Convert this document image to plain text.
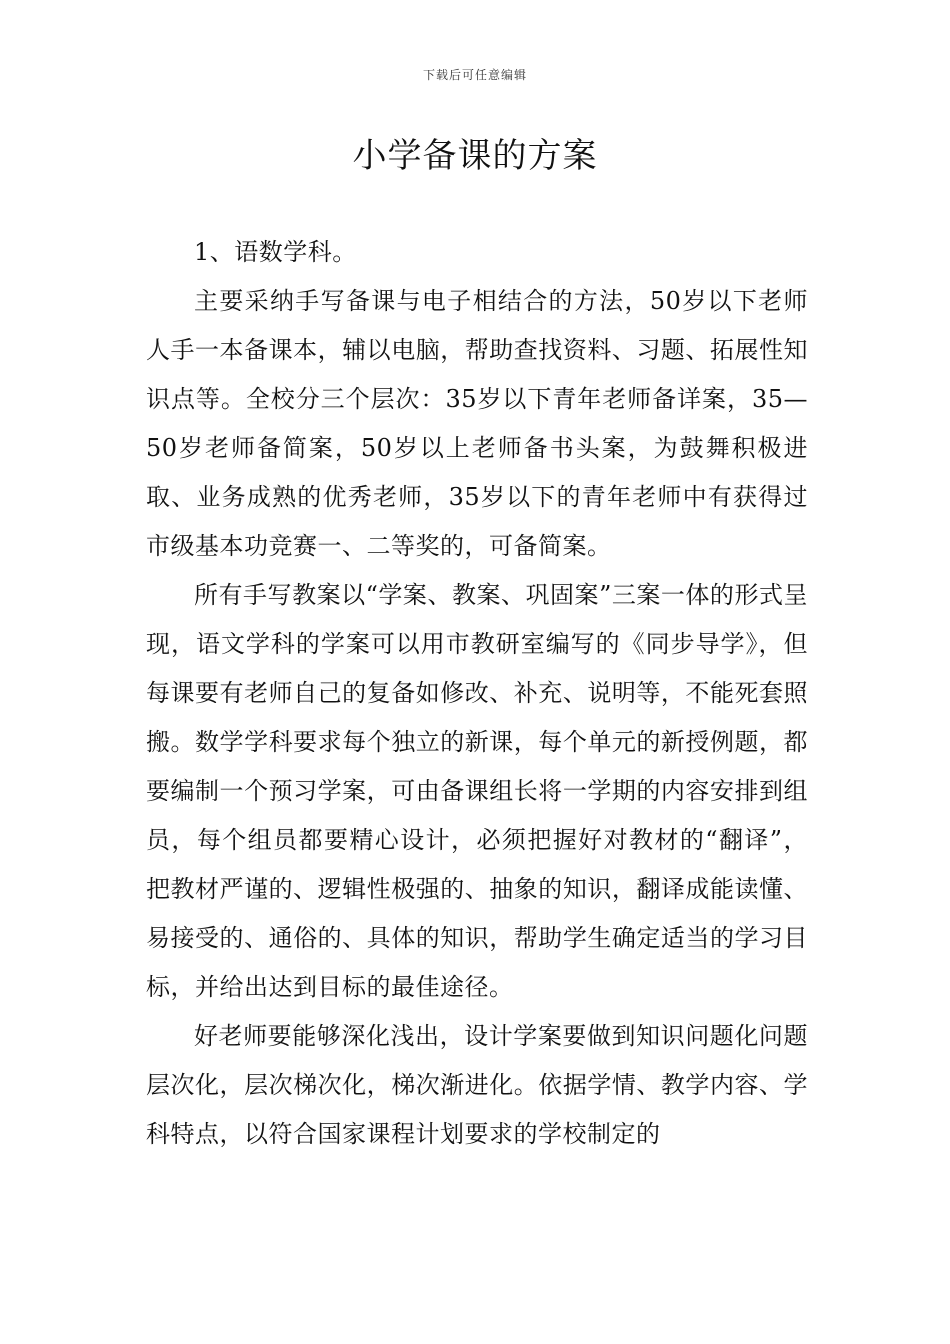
下载后可任意编辑
小学备课的方案

1、语数学科。

主要采纳手写备课与电子相结合的方法，50岁以下老师人手一本备课本，辅以电脑，帮助查找资料、习题、拓展性知识点等。全校分三个层次：35岁以下青年老师备详案，35—50岁老师备简案，50岁以上老师备书头案，为鼓舞积极进取、业务成熟的优秀老师，35岁以下的青年老师中有获得过市级基本功竞赛一、二等奖的，可备简案。

所有手写教案以“学案、教案、巩固案”三案一体的形式呈现，语文学科的学案可以用市教研室编写的《同步导学》，但每课要有老师自己的复备如修改、补充、说明等，不能死套照搬。数学学科要求每个独立的新课，每个单元的新授例题，都要编制一个预习学案，可由备课组长将一学期的内容安排到组员，每个组员都要精心设计，必须把握好对教材的“翻译”，把教材严谨的、逻辑性极强的、抽象的知识，翻译成能读懂、易接受的、通俗的、具体的知识，帮助学生确定适当的学习目标，并给出达到目标的最佳途径。

好老师要能够深化浅出，设计学案要做到知识问题化问题层次化，层次梯次化，梯次渐进化。依据学情、教学内容、学科特点，以符合国家课程计划要求的学校制定的
